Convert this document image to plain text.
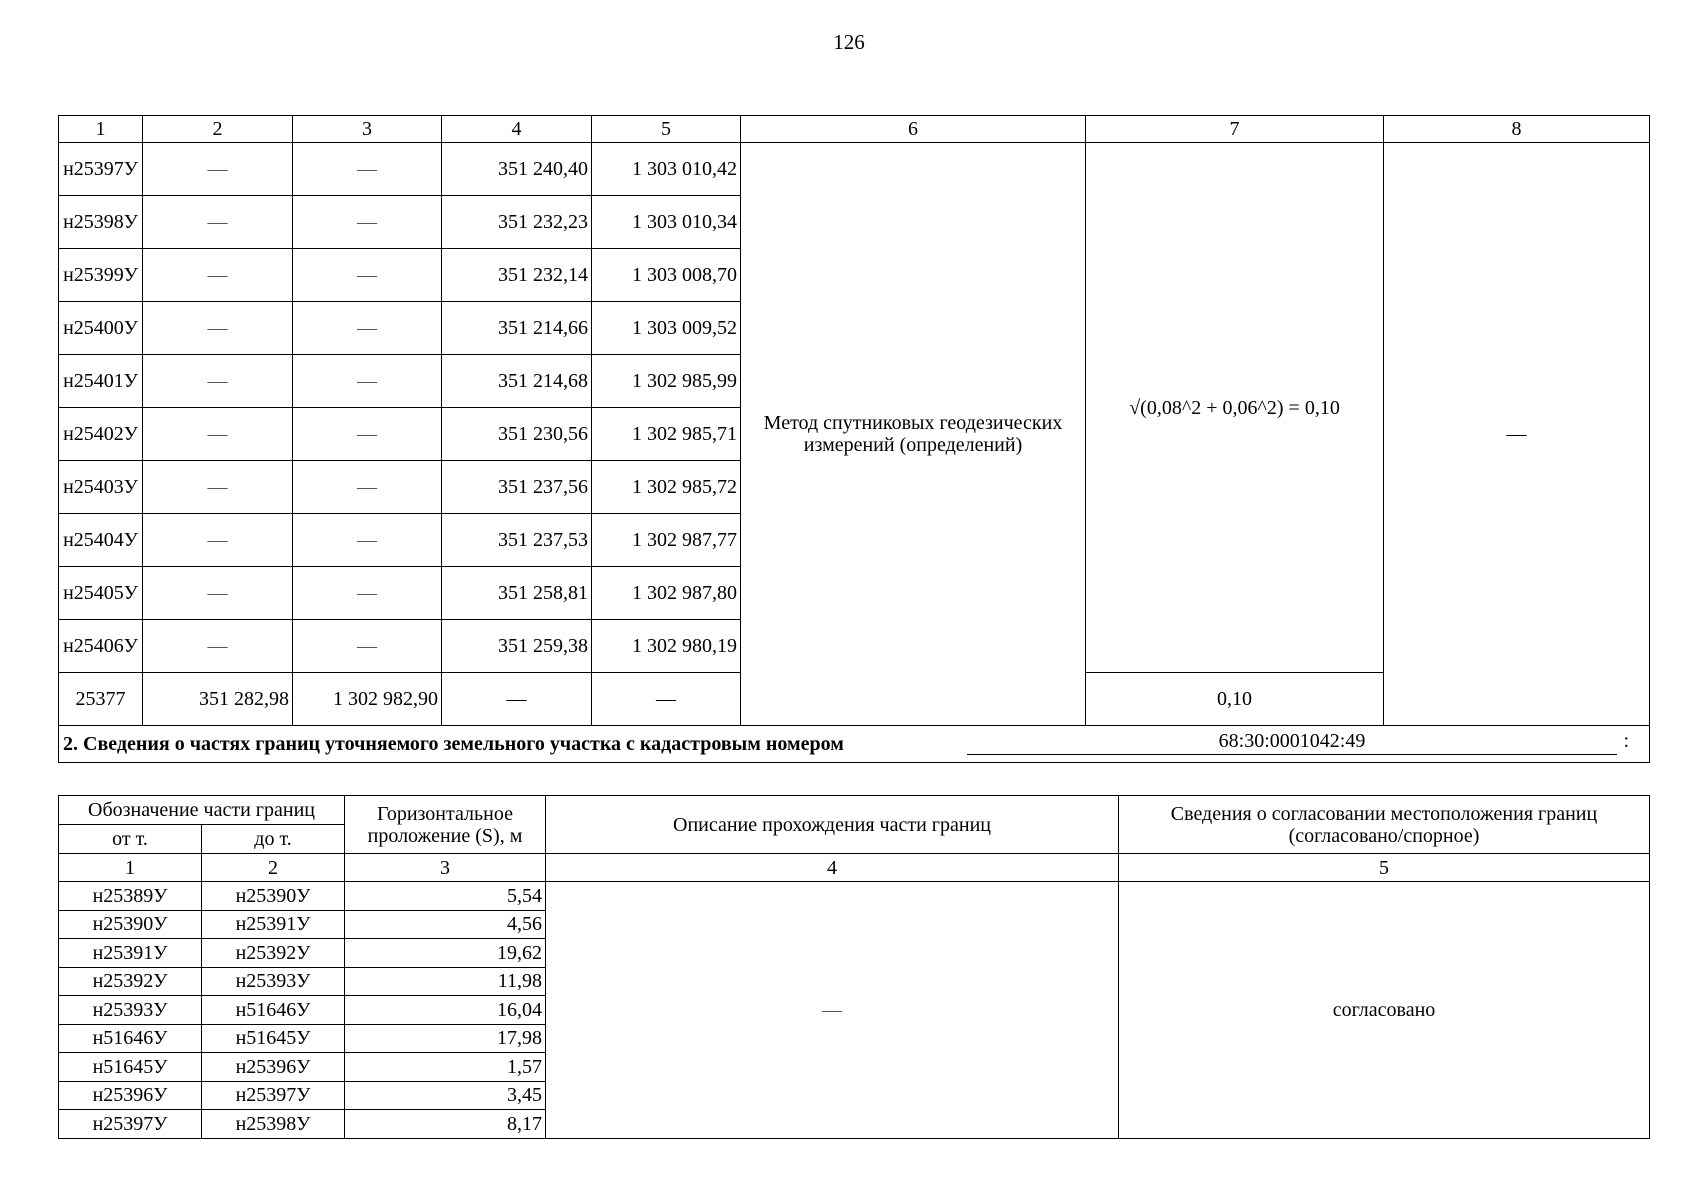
126
1	2	3	4	5	6	7	8
н25397У	—	—	351 240,40	1 303 010,42	Метод спутниковых геодезических измерений (определений)	√(0,08^2 + 0,06^2) = 0,10	—
н25398У	—	—	351 232,23	1 303 010,34			
н25399У	—	—	351 232,14	1 303 008,70			
н25400У	—	—	351 214,66	1 303 009,52			
н25401У	—	—	351 214,68	1 302 985,99			
н25402У	—	—	351 230,56	1 302 985,71			
н25403У	—	—	351 237,56	1 302 985,72			
н25404У	—	—	351 237,53	1 302 987,77			
н25405У	—	—	351 258,81	1 302 987,80			
н25406У	—	—	351 259,38	1 302 980,19			
25377	351 282,98	1 302 982,90	—	—		0,10	
2. Сведения о частях границ уточняемого земельного участка с кадастровым номером 68:30:0001042:49 :							
Обозначение части границ		Горизонтальное проложение (S), м	Описание прохождения части границ	Сведения о согласовании местоположения границ (согласовано/спорное)
от т.	до т.			
1	2	3	4	5
н25389У	н25390У	5,54	—	согласовано
н25390У	н25391У	4,56		
н25391У	н25392У	19,62		
н25392У	н25393У	11,98		
н25393У	н51646У	16,04		
н51646У	н51645У	17,98		
н51645У	н25396У	1,57		
н25396У	н25397У	3,45		
н25397У	н25398У	8,17		
